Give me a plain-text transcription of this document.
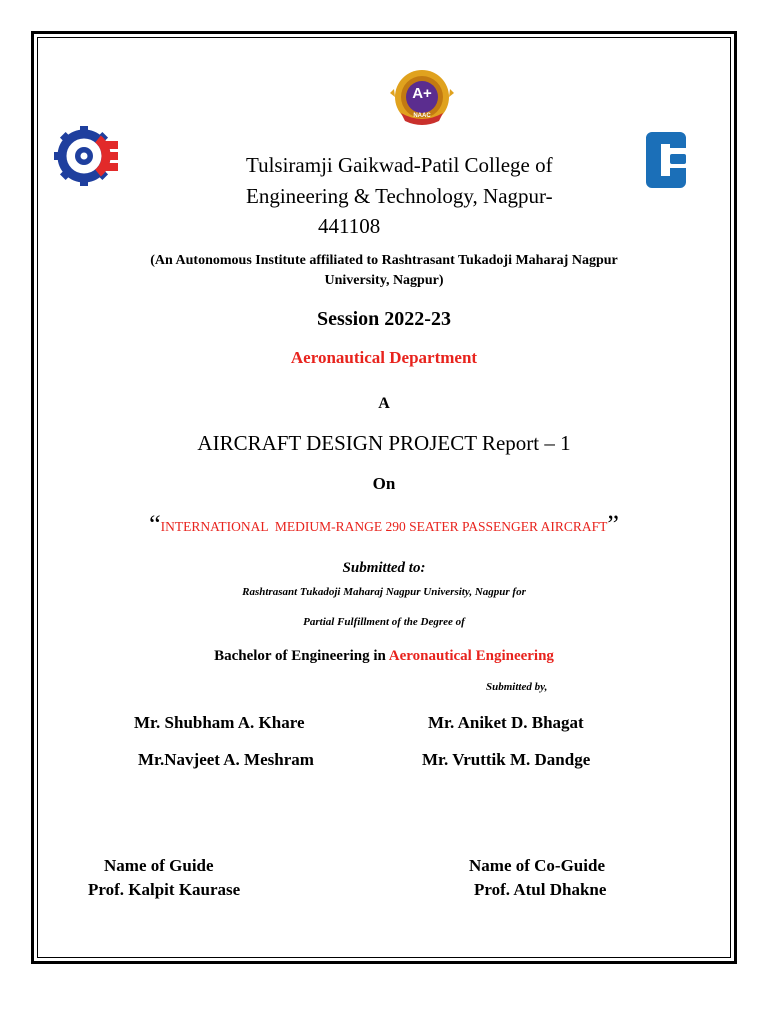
A+
NAAC
Tulsiramji Gaikwad-Patil College of
Engineering & Technology, Nagpur-
441108
(An Autonomous Institute affiliated to Rashtrasant Tukadoji Maharaj Nagpur
University, Nagpur)
Session 2022-23
Aeronautical Department
A
AIRCRAFT DESIGN PROJECT Report – 1
On
“INTERNATIONAL  MEDIUM-RANGE 290 SEATER PASSENGER AIRCRAFT”
Submitted to:
Rashtrasant Tukadoji Maharaj Nagpur University, Nagpur for
Partial Fulfillment of the Degree of
Bachelor of Engineering in Aeronautical Engineering
Submitted by,
Mr. Shubham A. Khare	Mr. Aniket D. Bhagat
Mr.Navjeet A. Meshram	Mr. Vruttik M. Dandge
Name of Guide
Prof. Kalpit Kaurase
Name of Co-Guide
Prof. Atul Dhakne
